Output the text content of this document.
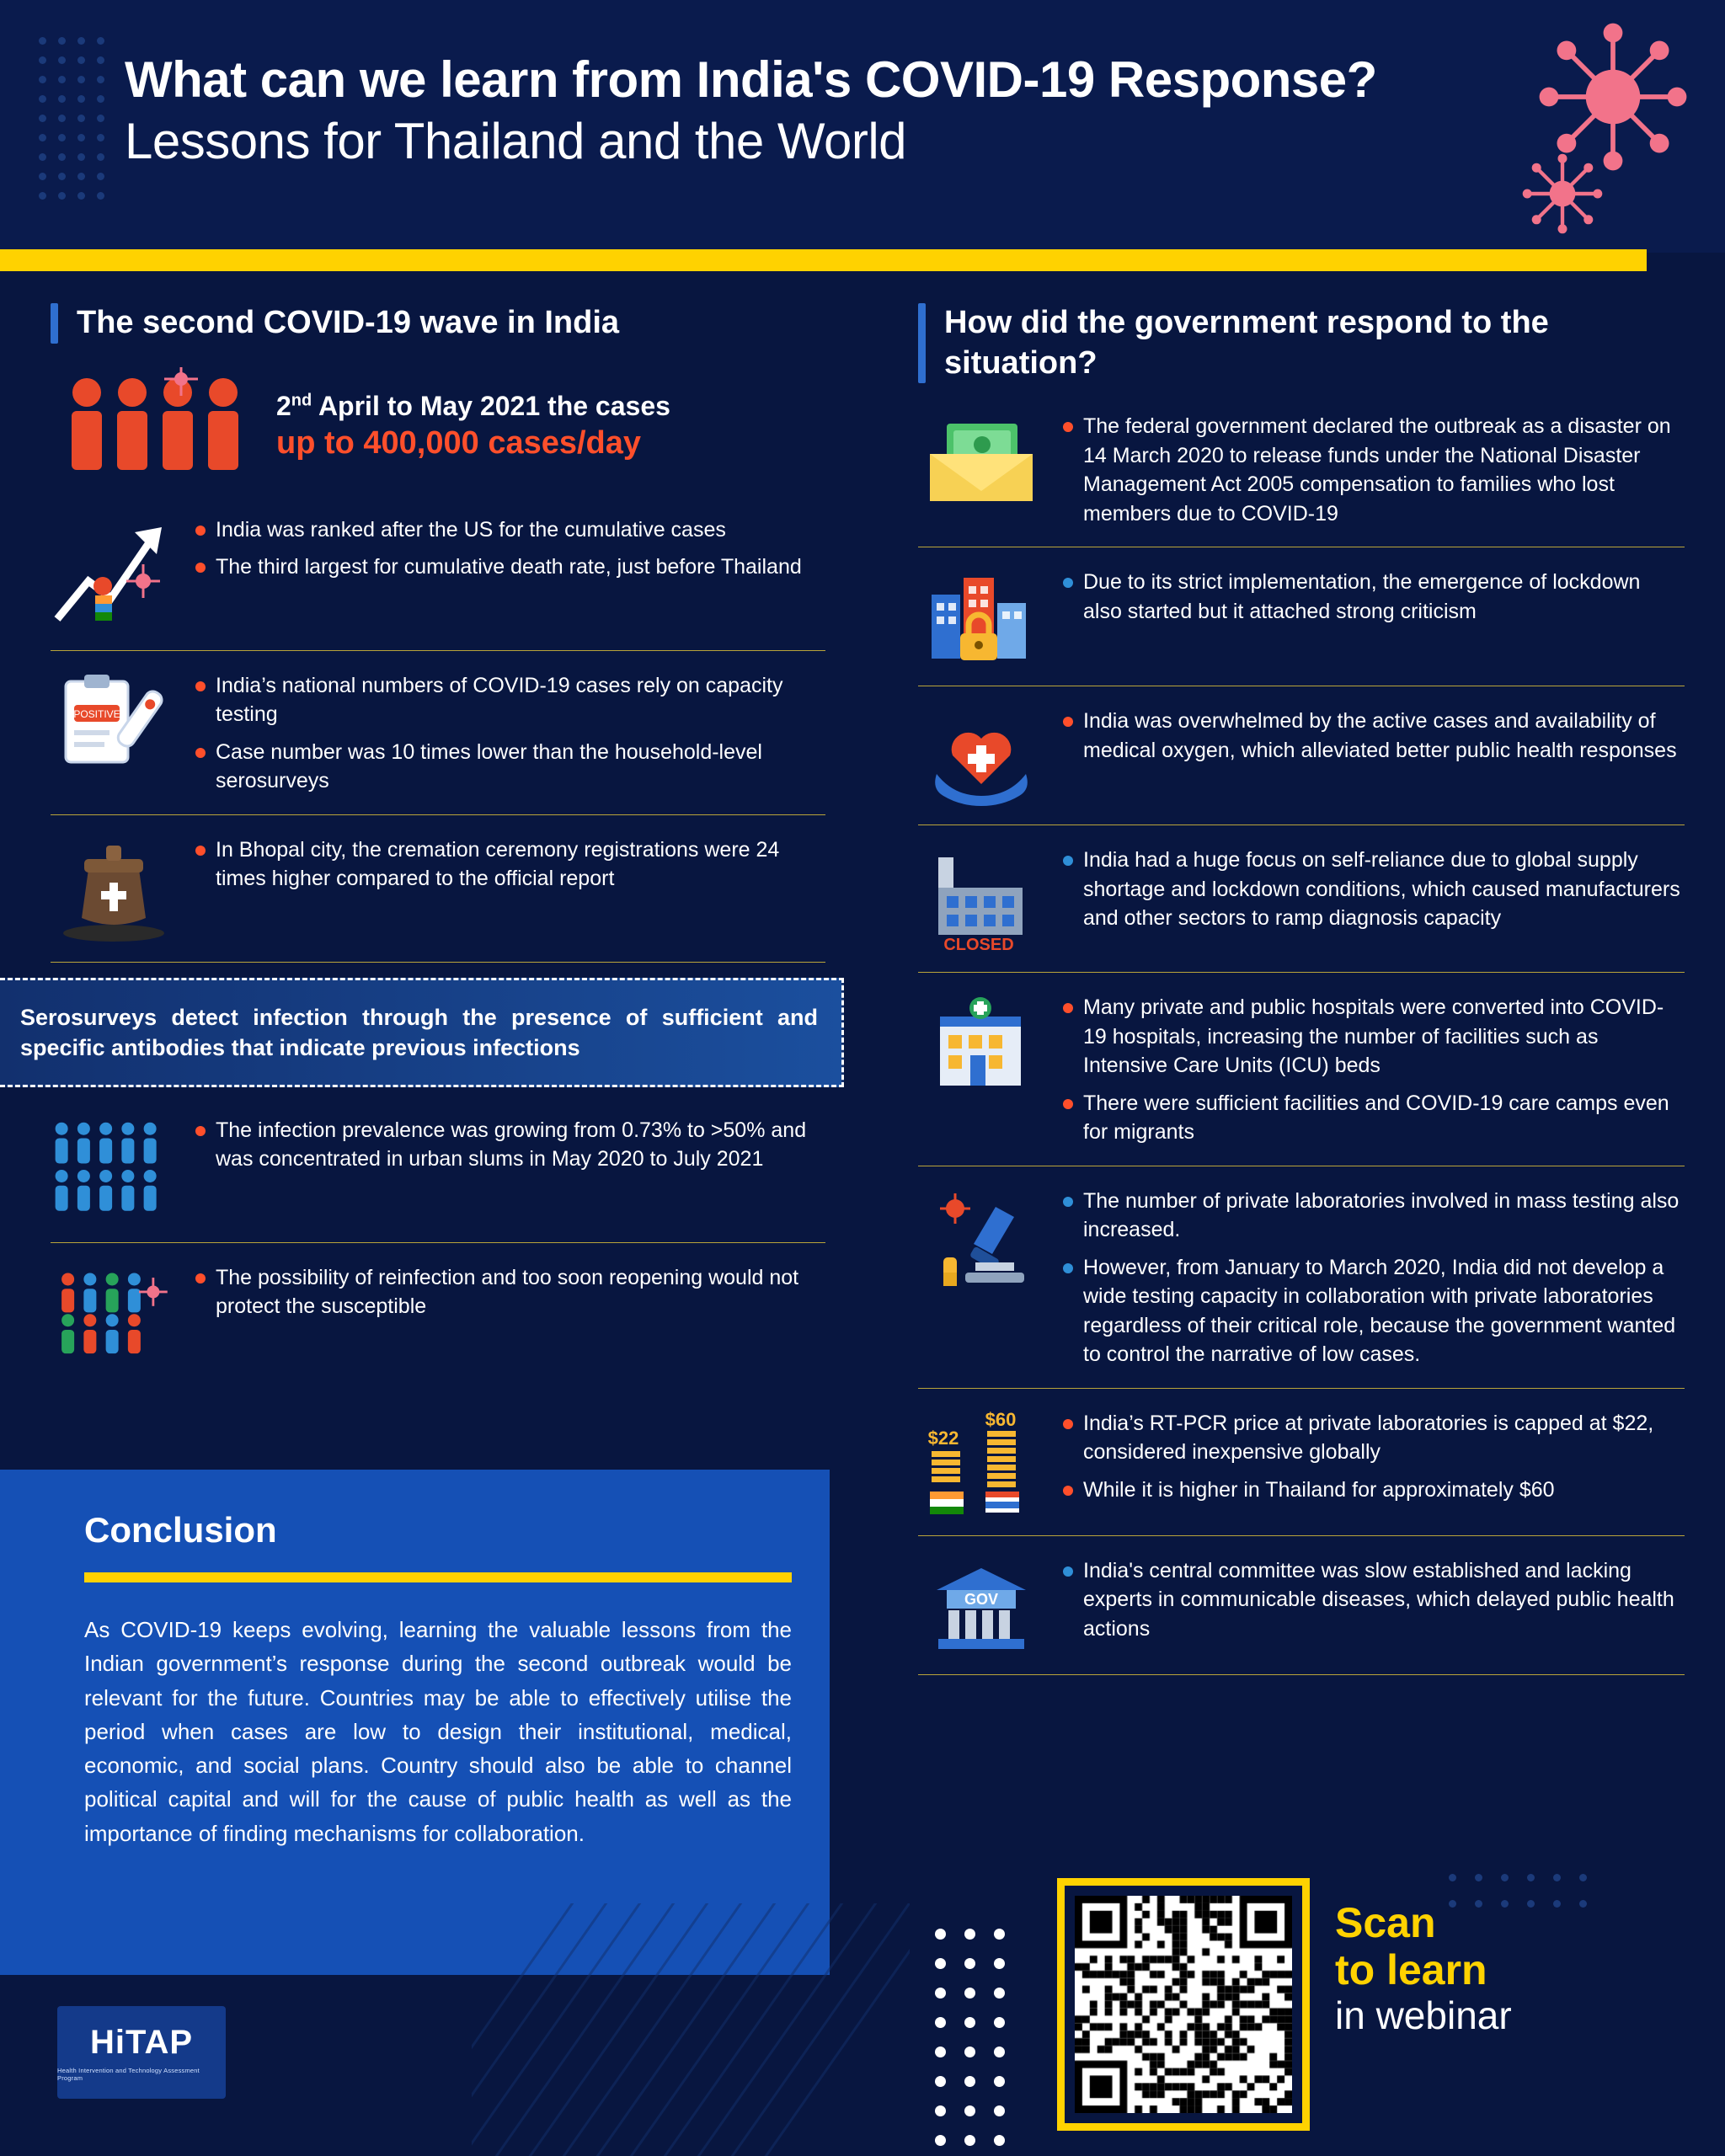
What can we learn from India's COVID-19 Response? Lessons for Thailand and the World
The second COVID-19 wave in India
2nd April to May 2021 the cases
up to 400,000 cases/day
India was ranked after the US for the cumulative cases
The third largest for cumulative death rate, just before Thailand
POSITIVE
India’s national numbers of COVID-19 cases rely on capacity testing
Case number was 10 times lower than the household-level serosurveys
In Bhopal city, the cremation ceremony registrations were 24 times higher compared to the official report
Serosurveys detect infection through the presence of sufficient and specific antibodies that indicate previous infections
The infection prevalence was growing from 0.73% to >50% and was concentrated in urban slums in May 2020 to July 2021
The possibility of reinfection and too soon reopening would not protect the susceptible
Conclusion
As COVID-19 keeps evolving, learning the valuable lessons from the Indian government’s response during the second outbreak would be relevant for the future. Countries may be able to effectively utilise the period when cases are low to design their institutional, medical, economic, and social plans. Country should also be able to channel political capital and will for the cause of public health as well as the importance of finding mechanisms for collaboration.
How did the government respond to the situation?
The federal government declared the outbreak as a disaster on 14 March 2020 to release funds under the National Disaster Management Act 2005 compensation to families who lost members due to COVID-19
Due to its strict implementation, the emergence of lockdown also started but it attached strong criticism
India was overwhelmed by the active cases and availability of medical oxygen, which alleviated better public health responses
CLOSED
India had a huge focus on self-reliance due to global supply shortage and lockdown conditions, which caused manufacturers and other sectors to ramp diagnosis capacity
Many private and public hospitals were converted into COVID-19 hospitals, increasing the number of facilities such as Intensive Care Units (ICU) beds
There were sufficient facilities and COVID-19 care camps even for migrants
The number of private laboratories involved in mass testing also increased.
However, from January to March 2020, India did not develop a wide testing capacity in collaboration with private laboratories regardless of their critical role, because the government wanted to control the narrative of low cases.
$22
$60	India’s RT-PCR price at private laboratories is capped at $22, considered inexpensive globally
While it is higher in Thailand for approximately $60
GOV
India's central committee was slow established and lacking experts in communicable diseases, which delayed public health actions
HiTAP
Health Intervention and Technology Assessment Program
Scan
to learn
in webinar
